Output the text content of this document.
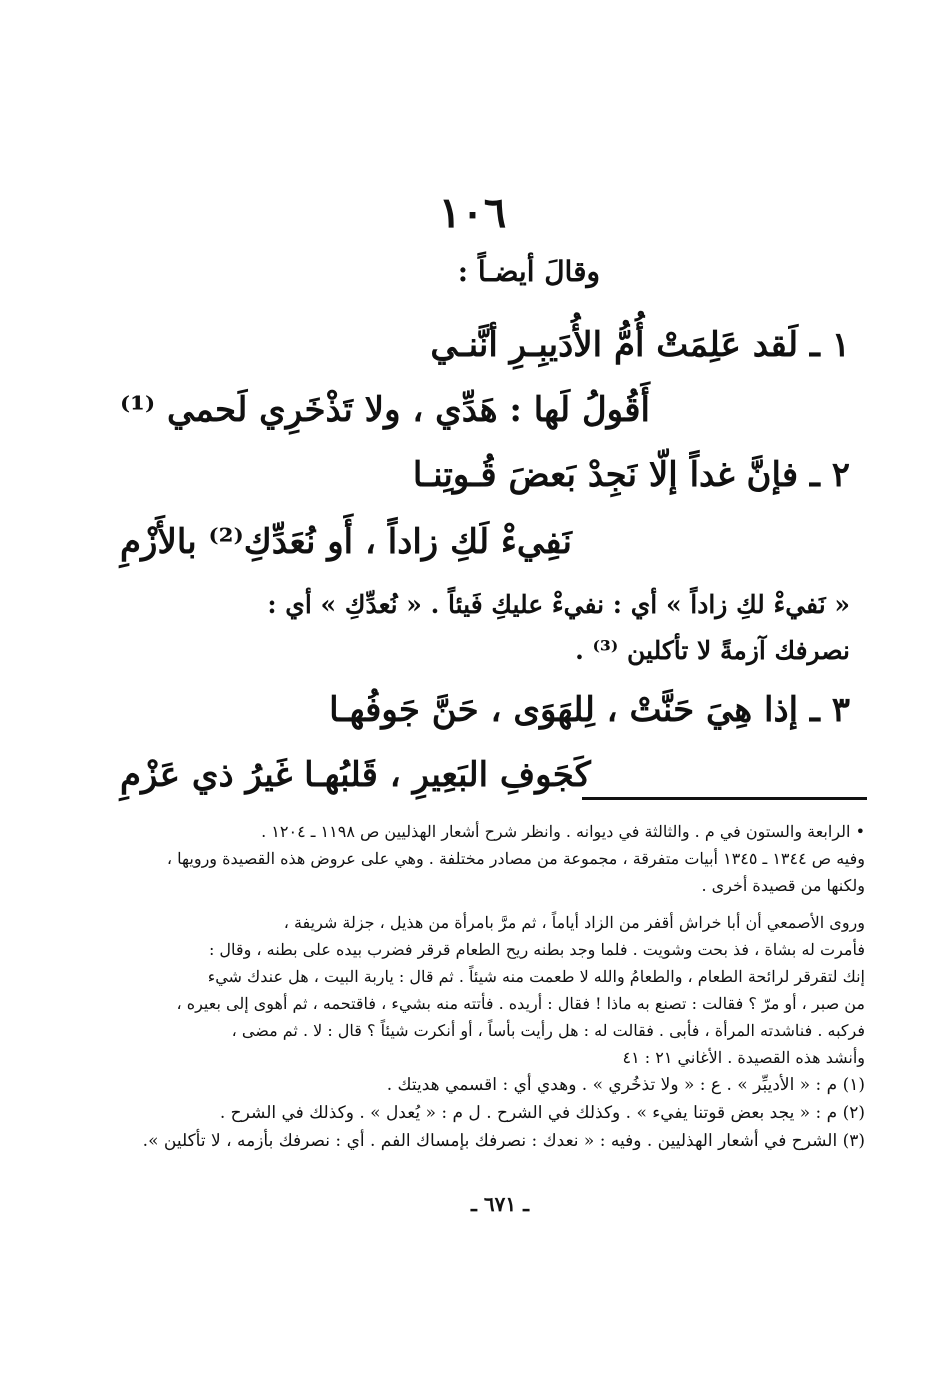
١٠٦
وقالَ أيضـاً :
١ ـ لَقد عَلِمَتْ أُمُّ الأُدَيبِـرِ أنَّنـي
أَقُولُ لَها : هَدِّي ، ولا تَذْخَرِي لَحمي ⁽¹⁾
٢ ـ فإنَّ غداً إلّا نَجِدْ بَعضَ قُـوتِنـا
نَفِيءْ لَكِ زاداً ، أَو نُعَدِّكِ⁽²⁾ بالأَزْمِ
« نَفيءْ لكِ زاداً » أي : نفيءْ عليكِ فَيئاً . « نُعدِّكِ » أي :
نصرفك آزمةً لا تأكلين ⁽³⁾ .
٣ ـ إذا هِيَ حَنَّتْ ، لِلهَوَى ، حَنَّ جَوفُهـا
كَجَوفِ البَعِيرِ ، قَلبُهـا غَيرُ ذي عَزْمِ

• الرابعة والستون في م . والثالثة في ديوانه . وانظر شرح أشعار الهذليين ص ١١٩٨ ـ ١٢٠٤ .

وفيه ص ١٣٤٤ ـ ١٣٤٥ أبيات متفرقة ، مجموعة من مصادر مختلفة . وهي على عروض هذه القصيدة ورويها ،

ولكنها من قصيدة أخرى .

وروى الأصمعي أن أبا خراش أقفر من الزاد أياماً ، ثم مرَّ بامرأة من هذيل ، جزلة شريفة ،

فأمرت له بشاة ، فذ بحت وشويت . فلما وجد بطنه ريح الطعام قرقر فضرب بيده على بطنه ، وقال :

إنك لتقرقر لرائحة الطعام ، والطعامُ والله لا طعمت منه شيئاً . ثم قال : ياربة البيت ، هل عندك شيء

من صبر ، أو مرّ ؟ فقالت : تصنع به ماذا ! فقال : أريده . فأتته منه بشيء ، فاقتحمه ، ثم أهوى إلى بعيره ،

فركبه . فناشدته المرأة ، فأبى . فقالت له : هل رأيت بأساً ، أو أنكرت شيئاً ؟ قال : لا . ثم مضى ،

وأنشد هذه القصيدة . الأغاني ٢١ : ٤١

(١) م : « الأديبِّر » . ع : « ولا تذخُري » . وهدي أي : اقسمي هديتك .

(٢) م : « يجد بعض قوتنا يفيء » . وكذلك في الشرح . ل م : « يُعدل » . وكذلك في الشرح .

(٣) الشرح في أشعار الهذليين . وفيه : « نعدك : نصرفك بإمساك الفم . أي : نصرفك بأزمه ، لا تأكلين ».

ـ ٦٧١ ـ
